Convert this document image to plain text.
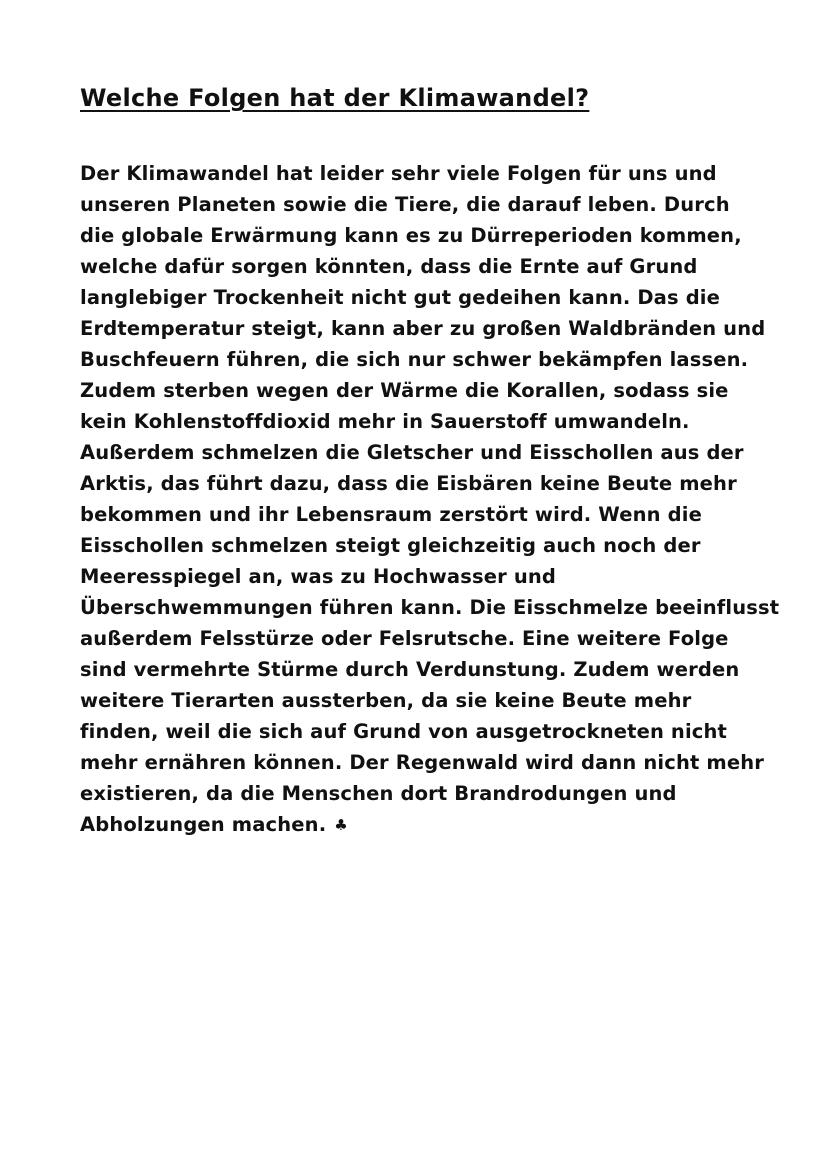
Welche Folgen hat der Klimawandel?
Der Klimawandel hat leider sehr viele Folgen für uns und
unseren Planeten sowie die Tiere, die darauf leben. Durch
die globale Erwärmung kann es zu Dürreperioden kommen,
welche dafür sorgen könnten, dass die Ernte auf Grund
langlebiger Trockenheit nicht gut gedeihen kann. Das die
Erdtemperatur steigt, kann aber zu großen Waldbränden und
Buschfeuern führen, die sich nur schwer bekämpfen lassen.
Zudem sterben wegen der Wärme die Korallen, sodass sie
kein Kohlenstoffdioxid mehr in Sauerstoff umwandeln.
Außerdem schmelzen die Gletscher und Eisschollen aus der
Arktis, das führt dazu, dass die Eisbären keine Beute mehr
bekommen und ihr Lebensraum zerstört wird. Wenn die
Eisschollen schmelzen steigt gleichzeitig auch noch der
Meeresspiegel an, was zu Hochwasser und
Überschwemmungen führen kann. Die Eisschmelze beeinflusst
außerdem Felsstürze oder Felsrutsche. Eine weitere Folge
sind vermehrte Stürme durch Verdunstung. Zudem werden
weitere Tierarten aussterben, da sie keine Beute mehr
finden, weil die sich auf Grund von ausgetrockneten nicht
mehr ernähren können. Der Regenwald wird dann nicht mehr
existieren, da die Menschen dort Brandrodungen und
Abholzungen machen. ♣
